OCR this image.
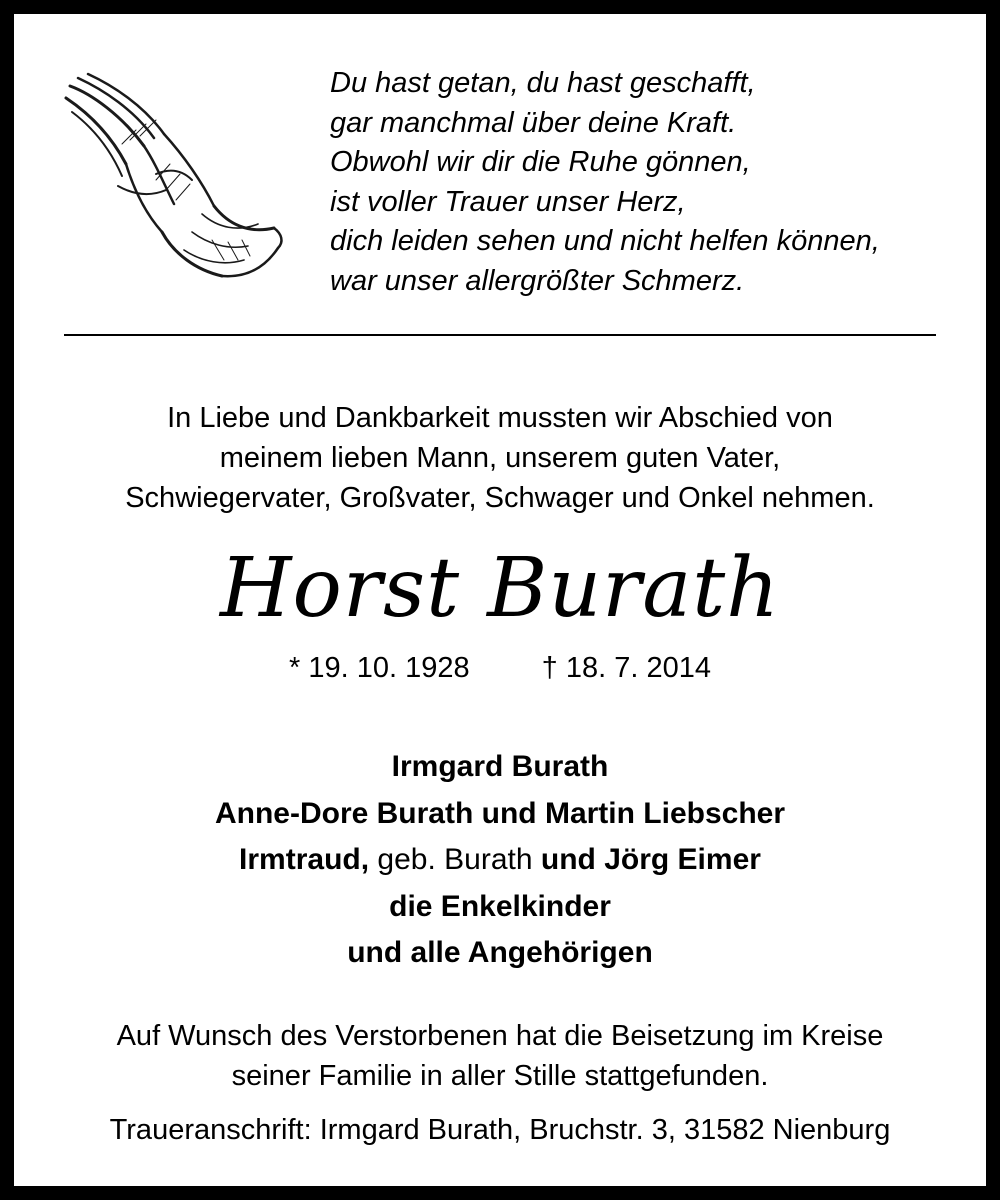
Du hast getan, du hast geschafft,
gar manchmal über deine Kraft.
Obwohl wir dir die Ruhe gönnen,
ist voller Trauer unser Herz,
dich leiden sehen und nicht helfen können,
war unser allergrößter Schmerz.
In Liebe und Dankbarkeit mussten wir Abschied von
meinem lieben Mann, unserem guten Vater,
Schwiegervater, Großvater, Schwager und Onkel nehmen.
Horst Burath
* 19. 10. 1928 † 18. 7. 2014
Irmgard Burath
Anne-Dore Burath und Martin Liebscher
Irmtraud, geb. Burath und Jörg Eimer
die Enkelkinder
und alle Angehörigen
Auf Wunsch des Verstorbenen hat die Beisetzung im Kreise
seiner Familie in aller Stille stattgefunden.
Traueranschrift: Irmgard Burath, Bruchstr. 3, 31582 Nienburg
